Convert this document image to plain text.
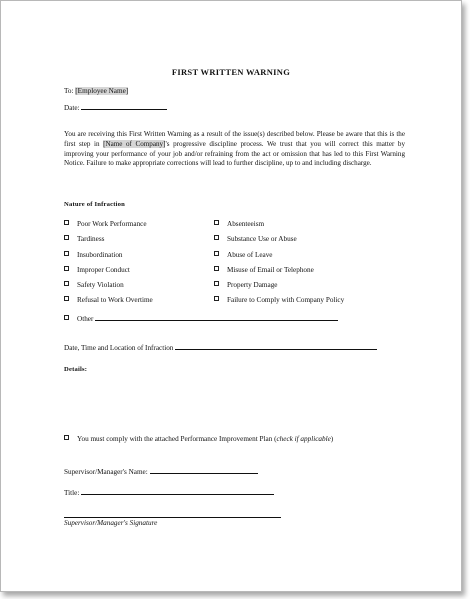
FIRST WRITTEN WARNING
To: [Employee Name]
Date:
You are receiving this First Written Warning as a result of the issue(s) described below. Please be aware that this is the first step in [Name of Company]'s progressive discipline process. We trust that you will correct this matter by improving your performance of your job and/or refraining from the act or omission that has led to this First Warning Notice. Failure to make appropriate corrections will lead to further discipline, up to and including discharge.
Nature of Infraction
Poor Work Performance
Tardiness
Insubordination
Improper Conduct
Safety Violation
Refusal to Work Overtime
Absenteeism
Substance Use or Abuse
Abuse of Leave
Misuse of Email or Telephone
Property Damage
Failure to Comply with Company Policy
Other
Date, Time and Location of Infraction
Details:
You must comply with the attached Performance Improvement Plan (check if applicable)
Supervisor/Manager's Name:
Title:
Supervisor/Manager's Signature
